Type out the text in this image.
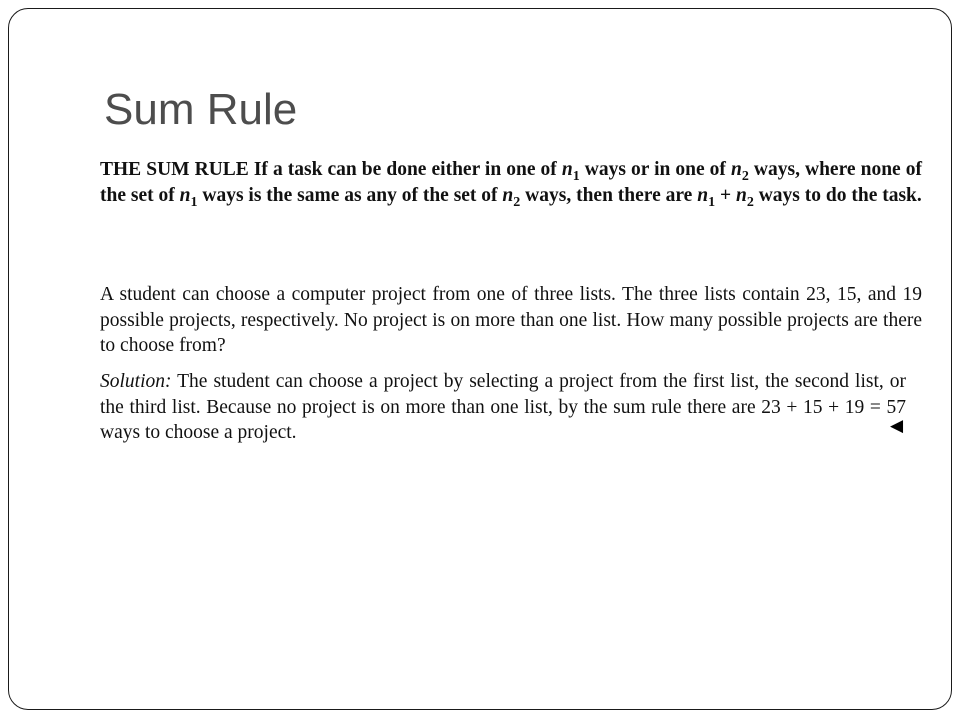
Sum Rule

THE SUM RULE If a task can be done either in one of $n_1$ ways or in one of $n_2$ ways, where none of the set of $n_1$ ways is the same as any of the set of $n_2$ ways, then there are $n_1 + n_2$ ways to do the task.

A student can choose a computer project from one of three lists. The three lists contain 23, 15, and 19 possible projects, respectively. No project is on more than one list. How many possible projects are there to choose from?

Solution: The student can choose a project by selecting a project from the first list, the second list, or the third list. Because no project is on more than one list, by the sum rule there are 23 + 15 + 19 = 57 ways to choose a project.	◀
